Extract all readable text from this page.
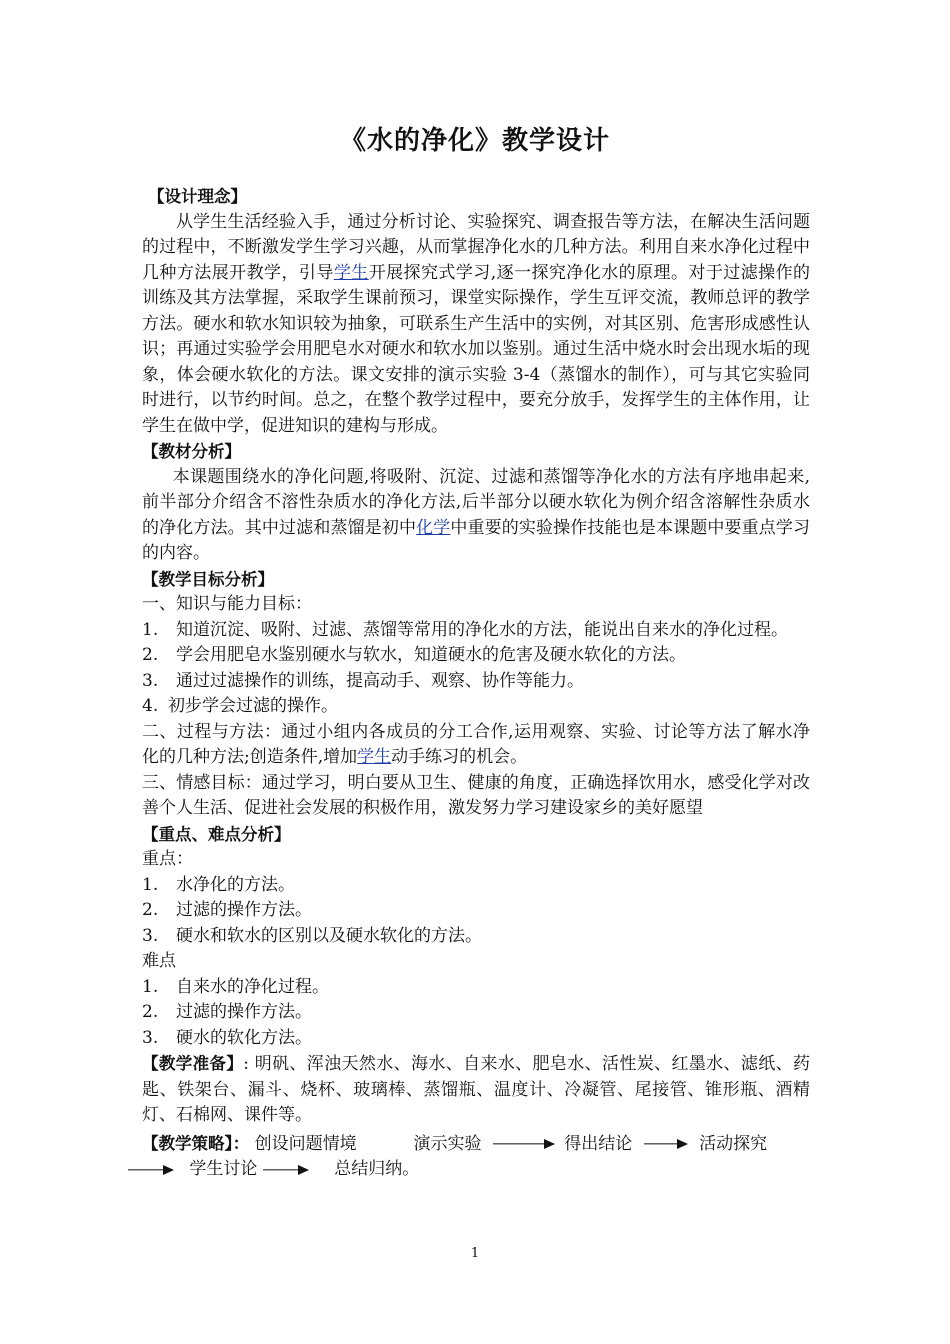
《水的净化》教学设计
【设计理念】

从学生生活经验入手，通过分析讨论、实验探究、调查报告等方法，在解决生活问题的过程中，不断激发学生学习兴趣，从而掌握净化水的几种方法。利用自来水净化过程中几种方法展开教学，引导学生开展探究式学习,逐一探究净化水的原理。对于过滤操作的训练及其方法掌握，采取学生课前预习，课堂实际操作，学生互评交流，教师总评的教学方法。硬水和软水知识较为抽象，可联系生产生活中的实例，对其区别、危害形成感性认识；再通过实验学会用肥皂水对硬水和软水加以鉴别。通过生活中烧水时会出现水垢的现象，体会硬水软化的方法。课文安排的演示实验 3-4（蒸馏水的制作），可与其它实验同时进行，以节约时间。总之，在整个教学过程中，要充分放手，发挥学生的主体作用，让学生在做中学，促进知识的建构与形成。

【教材分析】

本课题围绕水的净化问题,将吸附、沉淀、过滤和蒸馏等净化水的方法有序地串起来,前半部分介绍含不溶性杂质水的净化方法,后半部分以硬水软化为例介绍含溶解性杂质水的净化方法。其中过滤和蒸馏是初中化学中重要的实验操作技能也是本课题中要重点学习的内容。

【教学目标分析】

一、知识与能力目标：

1.	知道沉淀、吸附、过滤、蒸馏等常用的净化水的方法，能说出自来水的净化过程。
2.	学会用肥皂水鉴别硬水与软水，知道硬水的危害及硬水软化的方法。
3.	通过过滤操作的训练，提高动手、观察、协作等能力。
4. 初步学会过滤的操作。

二、过程与方法：通过小组内各成员的分工合作,运用观察、实验、讨论等方法了解水净化的几种方法;创造条件,增加学生动手练习的机会。

三、情感目标：通过学习，明白要从卫生、健康的角度，正确选择饮用水，感受化学对改善个人生活、促进社会发展的积极作用，激发努力学习建设家乡的美好愿望

【重点、难点分析】

重点：

1.	水净化的方法。
2.	过滤的操作方法。
3.	硬水和软水的区别以及硬水软化的方法。

难点

1.	自来水的净化过程。
2.	过滤的操作方法。
3.	硬水的软化方法。

【教学准备】: 明矾、浑浊天然水、海水、自来水、肥皂水、活性炭、红墨水、滤纸、药匙、铁架台、漏斗、烧杯、玻璃棒、蒸馏瓶、温度计、冷凝管、尾接管、锥形瓶、酒精灯、石棉网、课件等。

【教学策略】： 创设问题情境	演示实验	得出结论	活动探究
学生讨论	总结归纳。
1
